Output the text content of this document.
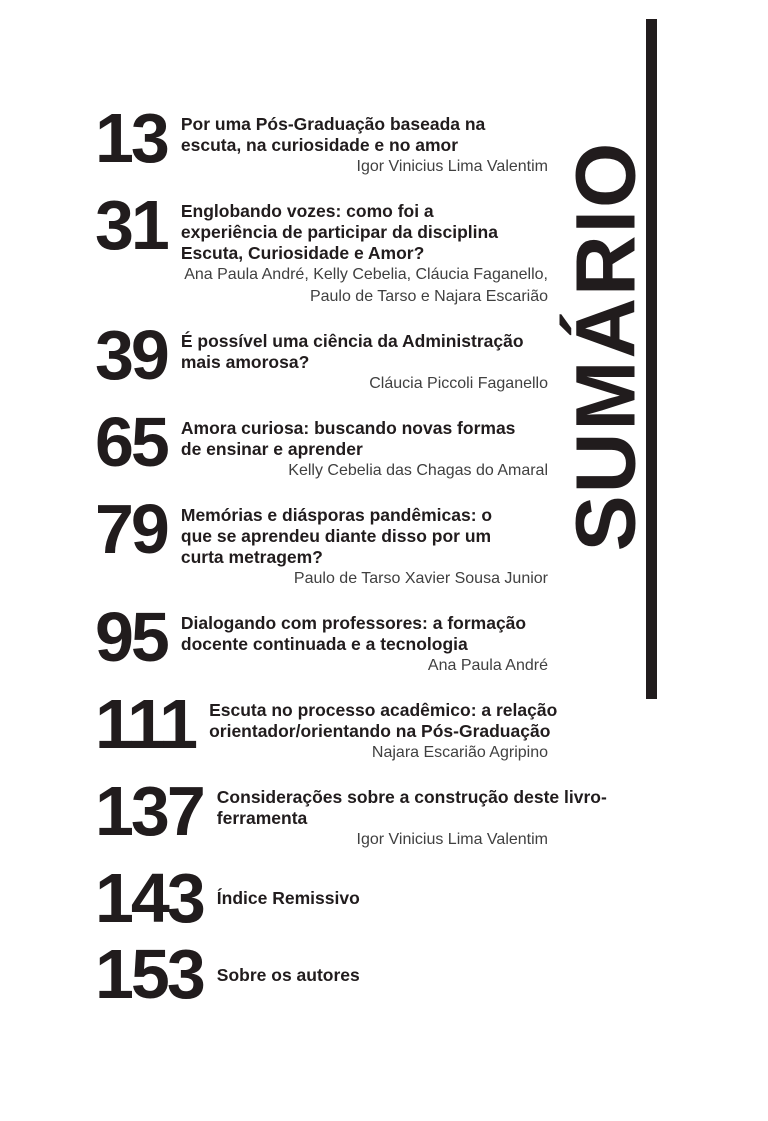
SUMÁRIO
13 Por uma Pós-Graduação baseada na
escuta, na curiosidade e no amor
Igor Vinicius Lima Valentim
31 Englobando vozes: como foi a
experiência de participar da disciplina
Escuta, Curiosidade e Amor?
Ana Paula André, Kelly Cebelia, Cláucia Faganello,
Paulo de Tarso e Najara Escarião
39 É possível uma ciência da Administração
mais amorosa?
Cláucia Piccoli Faganello
65 Amora curiosa: buscando novas formas
de ensinar e aprender
Kelly Cebelia das Chagas do Amaral
79 Memórias e diásporas pandêmicas: o
que se aprendeu diante disso por um
curta metragem?
Paulo de Tarso Xavier Sousa Junior
95 Dialogando com professores: a formação
docente continuada e a tecnologia
Ana Paula André
111 Escuta no processo acadêmico: a relação
orientador/orientando na Pós-Graduação
Najara Escarião Agripino
137 Considerações sobre a construção deste livro-
ferramenta
Igor Vinicius Lima Valentim
143 Índice Remissivo
153 Sobre os autores
